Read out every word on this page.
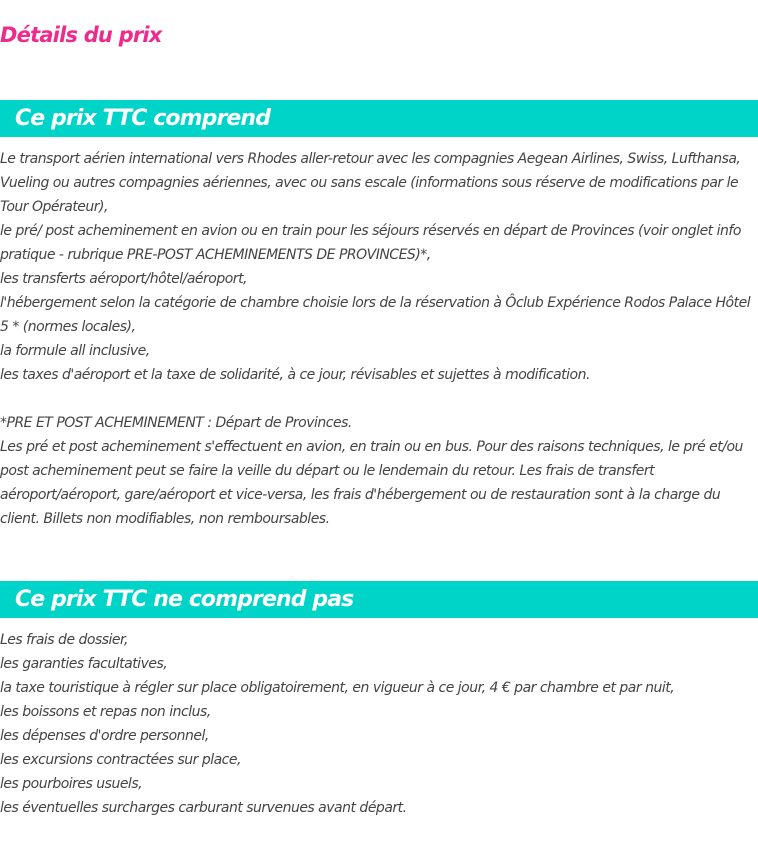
Détails du prix
Ce prix TTC comprend
Le transport aérien international vers Rhodes aller-retour avec les compagnies Aegean Airlines, Swiss, Lufthansa, Vueling ou autres compagnies aériennes, avec ou sans escale (informations sous réserve de modifications par le Tour Opérateur),
le pré/ post acheminement en avion ou en train pour les séjours réservés en départ de Provinces (voir onglet info pratique - rubrique PRE-POST ACHEMINEMENTS DE PROVINCES)*,
les transferts aéroport/hôtel/aéroport,
l'hébergement selon la catégorie de chambre choisie lors de la réservation à Ôclub Expérience Rodos Palace Hôtel 5 * (normes locales),
la formule all inclusive,
les taxes d'aéroport et la taxe de solidarité, à ce jour, révisables et sujettes à modification.
*PRE ET POST ACHEMINEMENT : Départ de Provinces.
Les pré et post acheminement s'effectuent en avion, en train ou en bus. Pour des raisons techniques, le pré et/ou post acheminement peut se faire la veille du départ ou le lendemain du retour. Les frais de transfert aéroport/aéroport, gare/aéroport et vice-versa, les frais d'hébergement ou de restauration sont à la charge du client. Billets non modifiables, non remboursables.
Ce prix TTC ne comprend pas
Les frais de dossier,
les garanties facultatives,
la taxe touristique à régler sur place obligatoirement, en vigueur à ce jour, 4 € par chambre et par nuit,
les boissons et repas non inclus,
les dépenses d'ordre personnel,
les excursions contractées sur place,
les pourboires usuels,
les éventuelles surcharges carburant survenues avant départ.
